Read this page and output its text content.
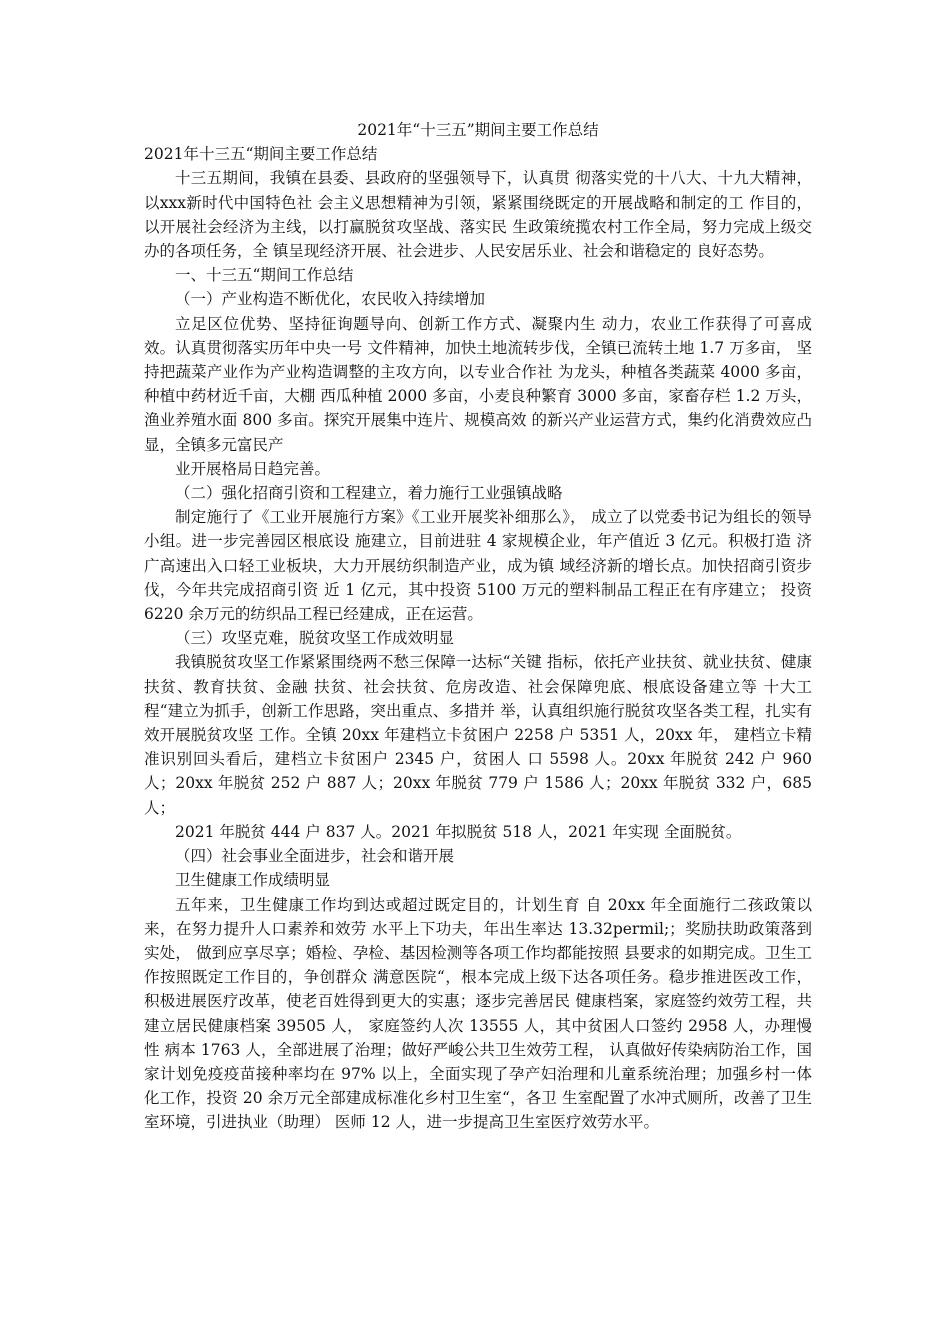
2021年“十三五”期间主要工作总结
2021年十三五“期间主要工作总结

十三五期间，我镇在县委、县政府的坚强领导下，认真贯 彻落实党的十八大、十九大精神，以xxx新时代中国特色社 会主义思想精神为引领，紧紧围绕既定的开展战略和制定的工 作目的，以开展社会经济为主线，以打赢脱贫攻坚战、落实民 生政策统揽农村工作全局，努力完成上级交办的各项任务，全 镇呈现经济开展、社会进步、人民安居乐业、社会和谐稳定的 良好态势。

一、十三五“期间工作总结

（一）产业构造不断优化，农民收入持续增加

立足区位优势、坚持征询题导向、创新工作方式、凝聚内生 动力，农业工作获得了可喜成效。认真贯彻落实历年中央一号 文件精神，加快土地流转步伐，全镇已流转土地 1.7 万多亩， 坚持把蔬菜产业作为产业构造调整的主攻方向，以专业合作社 为龙头，种植各类蔬菜 4000 多亩， 种植中药材近千亩，大棚 西瓜种植 2000 多亩，小麦良种繁育 3000 多亩，家畜存栏 1.2 万头，渔业养殖水面 800 多亩。探究开展集中连片、规模高效 的新兴产业运营方式，集约化消费效应凸显，全镇多元富民产

业开展格局日趋完善。

（二）强化招商引资和工程建立，着力施行工业强镇战略

制定施行了《工业开展施行方案》《工业开展奖补细那么》， 成立了以党委书记为组长的领导小组。进一步完善园区根底设 施建立，目前进驻 4 家规模企业，年产值近 3 亿元。积极打造 济广高速出入口轻工业板块，大力开展纺织制造产业，成为镇 域经济新的增长点。加快招商引资步伐，今年共完成招商引资 近 1 亿元，其中投资 5100 万元的塑料制品工程正在有序建立； 投资 6220 余万元的纺织品工程已经建成，正在运营。

（三）攻坚克难，脱贫攻坚工作成效明显

我镇脱贫攻坚工作紧紧围绕两不愁三保障一达标“关键 指标，依托产业扶贫、就业扶贫、健康扶贫、教育扶贫、金融 扶贫、社会扶贫、危房改造、社会保障兜底、根底设备建立等 十大工程“建立为抓手，创新工作思路，突出重点、多措并 举，认真组织施行脱贫攻坚各类工程，扎实有效开展脱贫攻坚 工作。全镇 20xx 年建档立卡贫困户 2258 户 5351 人，20xx 年， 建档立卡精准识别回头看后，建档立卡贫困户 2345 户，贫困人 口 5598 人。20xx 年脱贫 242 户 960 人；20xx 年脱贫 252 户 887 人；20xx 年脱贫 779 户 1586 人；20xx 年脱贫 332 户，685 人；

2021 年脱贫 444 户 837 人。2021 年拟脱贫 518 人，2021 年实现 全面脱贫。

（四）社会事业全面进步，社会和谐开展

卫生健康工作成绩明显

五年来，卫生健康工作均到达或超过既定目的，计划生育 自 20xx 年全面施行二孩政策以来，在努力提升人口素养和效劳 水平上下功夫，年出生率达 13.32permil;；奖励扶助政策落到实处， 做到应享尽享；婚检、孕检、基因检测等各项工作均都能按照 县要求的如期完成。卫生工作按照既定工作目的，争创群众 满意医院“，根本完成上级下达各项任务。稳步推进医改工作， 积极进展医疗改革，使老百姓得到更大的实惠；逐步完善居民 健康档案，家庭签约效劳工程，共建立居民健康档案 39505 人， 家庭签约人次 13555 人，其中贫困人口签约 2958 人，办理慢性 病本 1763 人，全部进展了治理；做好严峻公共卫生效劳工程， 认真做好传染病防治工作，国家计划免疫疫苗接种率均在 97% 以上，全面实现了孕产妇治理和儿童系统治理；加强乡村一体 化工作，投资 20 余万元全部建成标准化乡村卫生室“，各卫 生室配置了水冲式厕所，改善了卫生室环境，引进执业（助理） 医师 12 人，进一步提高卫生室医疗效劳水平。
